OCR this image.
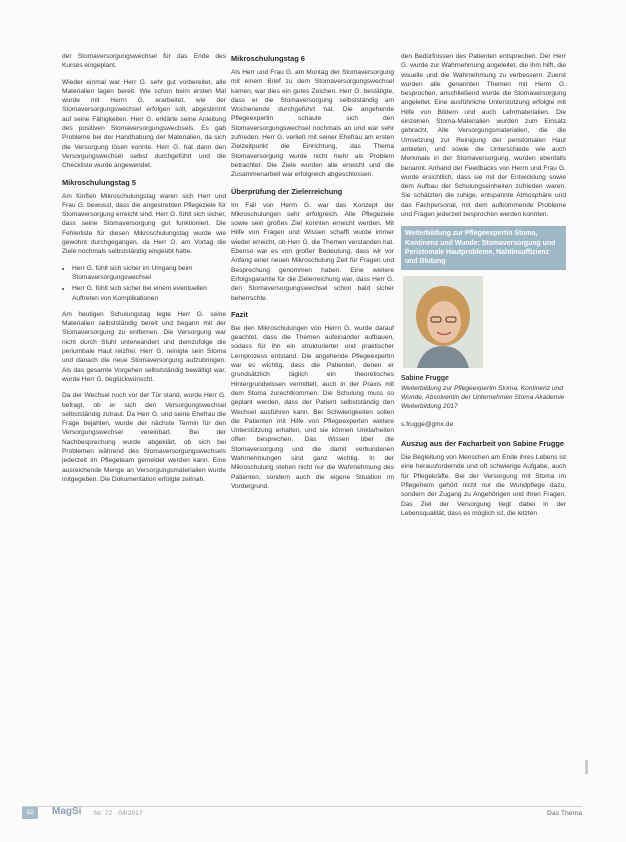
der Stomaversorgungswechsel für das Ende des Kurses eingeplant.

Wieder einmal war Herr G. sehr gut vorbereitet, alle Materialien lagen bereit. Wie schon beim ersten Mal wurde mit Herrn G. erarbeitet, wie der Stomaversorgungswechsel erfolgen soll, abgestimmt auf seine Fähigkeiten. Herr G. erklärte seine Anleitung des positiven Stomaversorgungswechsels. Es gab Probleme bei der Handhabung der Materialien, da sich die Versorgung lösen konnte. Herr G. hat dann den Versorgungswechsel selbst durchgeführt und die Checkliste wurde angewendet.

Mikroschulungstag 5

Am fünften Mikroschulungstag waren sich Herr und Frau G. bewusst, dass die angestrebten Pflegeziele für Stomaversorgung erreicht sind. Herr G. fühlt sich sicher, dass seine Stomaversorgung gut funktioniert. Die Fehlerliste für diesen Mikroschulungstag wurde wie gewohnt durchgegangen, da Herr G. am Vortag die Ziele nochmals selbstständig eingeübt hatte.

• Herr G. fühlt sich sicher im Umgang beim Stomaversorgungswechsel
• Herr G. fühlt sich sicher bei einem eventuellen Auftreten von Komplikationen

Am heutigen Schulungstag legte Herr G. seine Materialien selbstständig bereit und begann mit der Stomaversorgung zu entfernen. Die Versorgung war nicht durch Stuhl unterwandert und demzufolge die periumbale Haut reizfrei. Herr G. reinigte sein Stoma und danach die neue Stomaversorgung aufzubringen. Als das gesamte Vorgehen selbstständig bewältigt war, wurde Herr G. beglückwünscht.

Da der Wechsel noch vor der Tür stand, wurde Herr G. befragt, ob er sich den Versorgungswechsel selbstständig zutraut. Da Herr G. und seine Ehefrau die Frage bejahten, wurde der nächste Termin für den Versorgungswechsel vereinbart. Bei der Nachbesprechung wurde abgeklärt, ob sich bei Problemen während des Stomaversorgungswechsels jederzeit im Pflegeteam gemeldet werden kann. Eine ausreichende Menge an Versorgungsmaterialien wurde mitgegeben. Die Dokumentation erfolgte zeitnah.

Mikroschulungstag 6

Als Herr und Frau G. am Montag der Stomaversorgung mit einem Brief zu dem Stomaversorgungswechsel kamen, war dies ein gutes Zeichen. Herr G. bestätigte, dass er die Stomaversorgung selbstständig am Wochenende durchgeführt hat. Die angehende Pflegeexpertin schaute sich den Stomaversorgungswechsel nochmals an und war sehr zufrieden. Herr G. verließ mit seiner Ehefrau am ersten Zielzeitpunkt die Einrichtung, das Thema Stomaversorgung wurde nicht mehr als Problem betrachtet. Die Ziele wurden alle erreicht und die Zusammenarbeit war erfolgreich abgeschlossen.

Überprüfung der Zielerreichung

Im Fall von Herrn G. war das Konzept der Mikroschulungen sehr erfolgreich. Alle Pflegeziele sowie sein großes Ziel konnten erreicht werden. Mit Hilfe von Fragen und Wissen schafft wurde immer wieder erreicht, ob Herr G. die Themen verstanden hat. Ebenso war es von großer Bedeutung, dass wir vor Anfang einer neuen Mikroschulung Zeit für Fragen und Besprechung genommen haben. Eine weitere Erfolgsgarantie für die Zielerreichung war, dass Herr G. den Stomaversorgungswechsel schon bald sicher beherrschte.

Fazit

Bei den Mikroschulungen von Herrn G. wurde darauf geachtet, dass die Themen aufeinander aufbauen, sodass für ihn ein strukturierter und praktischer Lernprozess entstand. Die angehende Pflegeexpertin war es wichtig, dass die Patienten, denen er grundsätzlich täglich ein theoretisches Hintergrundwissen vermittelt, auch in der Praxis mit dem Stoma zurechtkommen. Die Schulung muss so geplant werden, dass der Patient selbstständig den Wechsel ausführen kann. Bei Schwierigkeiten sollen die Patienten mit Hilfe von Pflegeexperten weitere Unterstützung erhalten, und sie können Unklarheiten offen besprechen. Das Wissen über die Stomaversorgung und die damit verbundenen Wahrnehmungen sind ganz wichtig. In der Mikroschulung stehen nicht nur die Wahrnehmung des Patienten, sondern auch die eigene Situation im Vordergrund.

den Bedürfnissen des Patienten entsprechen. Der Herr G. wurde zur Wahrnehmung angeleitet, die ihm hilft, die visuelle und die Wahrnehmung zu verbessern. Zuerst wurden alle genannten Themen mit Herrn G. besprochen, anschließend wurde die Stomaversorgung angeleitet. Eine ausführliche Unterstützung erfolgte mit Hilfe von Bildern und auch Lehrmaterialien. Die einzelnen Stoma-Materialien wurden zum Einsatz gebracht. Alle Versorgungsmaterialien, die die Umsetzung zur Reinigung der peristomalen Haut anbieten, und sowie die Unterschiede wie auch Merkmale in der Stomaversorgung, wurden ebenfalls benannt. Anhand der Feedbacks von Herrn und Frau G. wurde ersichtlich, dass sie mit der Entwicklung sowie dem Aufbau der Schulungseinheiten zufrieden waren. Sie schätzten die ruhige, entspannte Atmosphäre und das Fachpersonal, mit dem aufkommende Probleme und Fragen jederzeit besprochen werden konnten.

Weiterbildung zur Pflegeexpertin Stoma, Kontinenz und Wunde: Stomaversorgung und Peristomale Hautprobleme, Nahtinsuffizienz und Blutung
Sabine Frugge
Weiterbildung zur Pflegeexpertin Stoma, Kontinenz und Wunde, Absolventin der Unternehmen Stoma Akademie Weiterbildung 2017
s.frugge@gmx.de
Auszug aus der Facharbeit von Sabine Frugge

Die Begleitung von Menschen am Ende ihres Lebens ist eine herausfordernde und oft schwierige Aufgabe, auch für Pflegekräfte. Bei der Versorgung mit Stoma im Pflegeheim gehört nicht nur die Wundpflege dazu, sondern der Zugang zu Angehörigen und ihren Fragen. Das Ziel der Versorgung liegt dabei in der Lebensqualität, dass es möglich ist, die letzten

32	MagSi Nr. 72 · 04/2017	Das Thema
